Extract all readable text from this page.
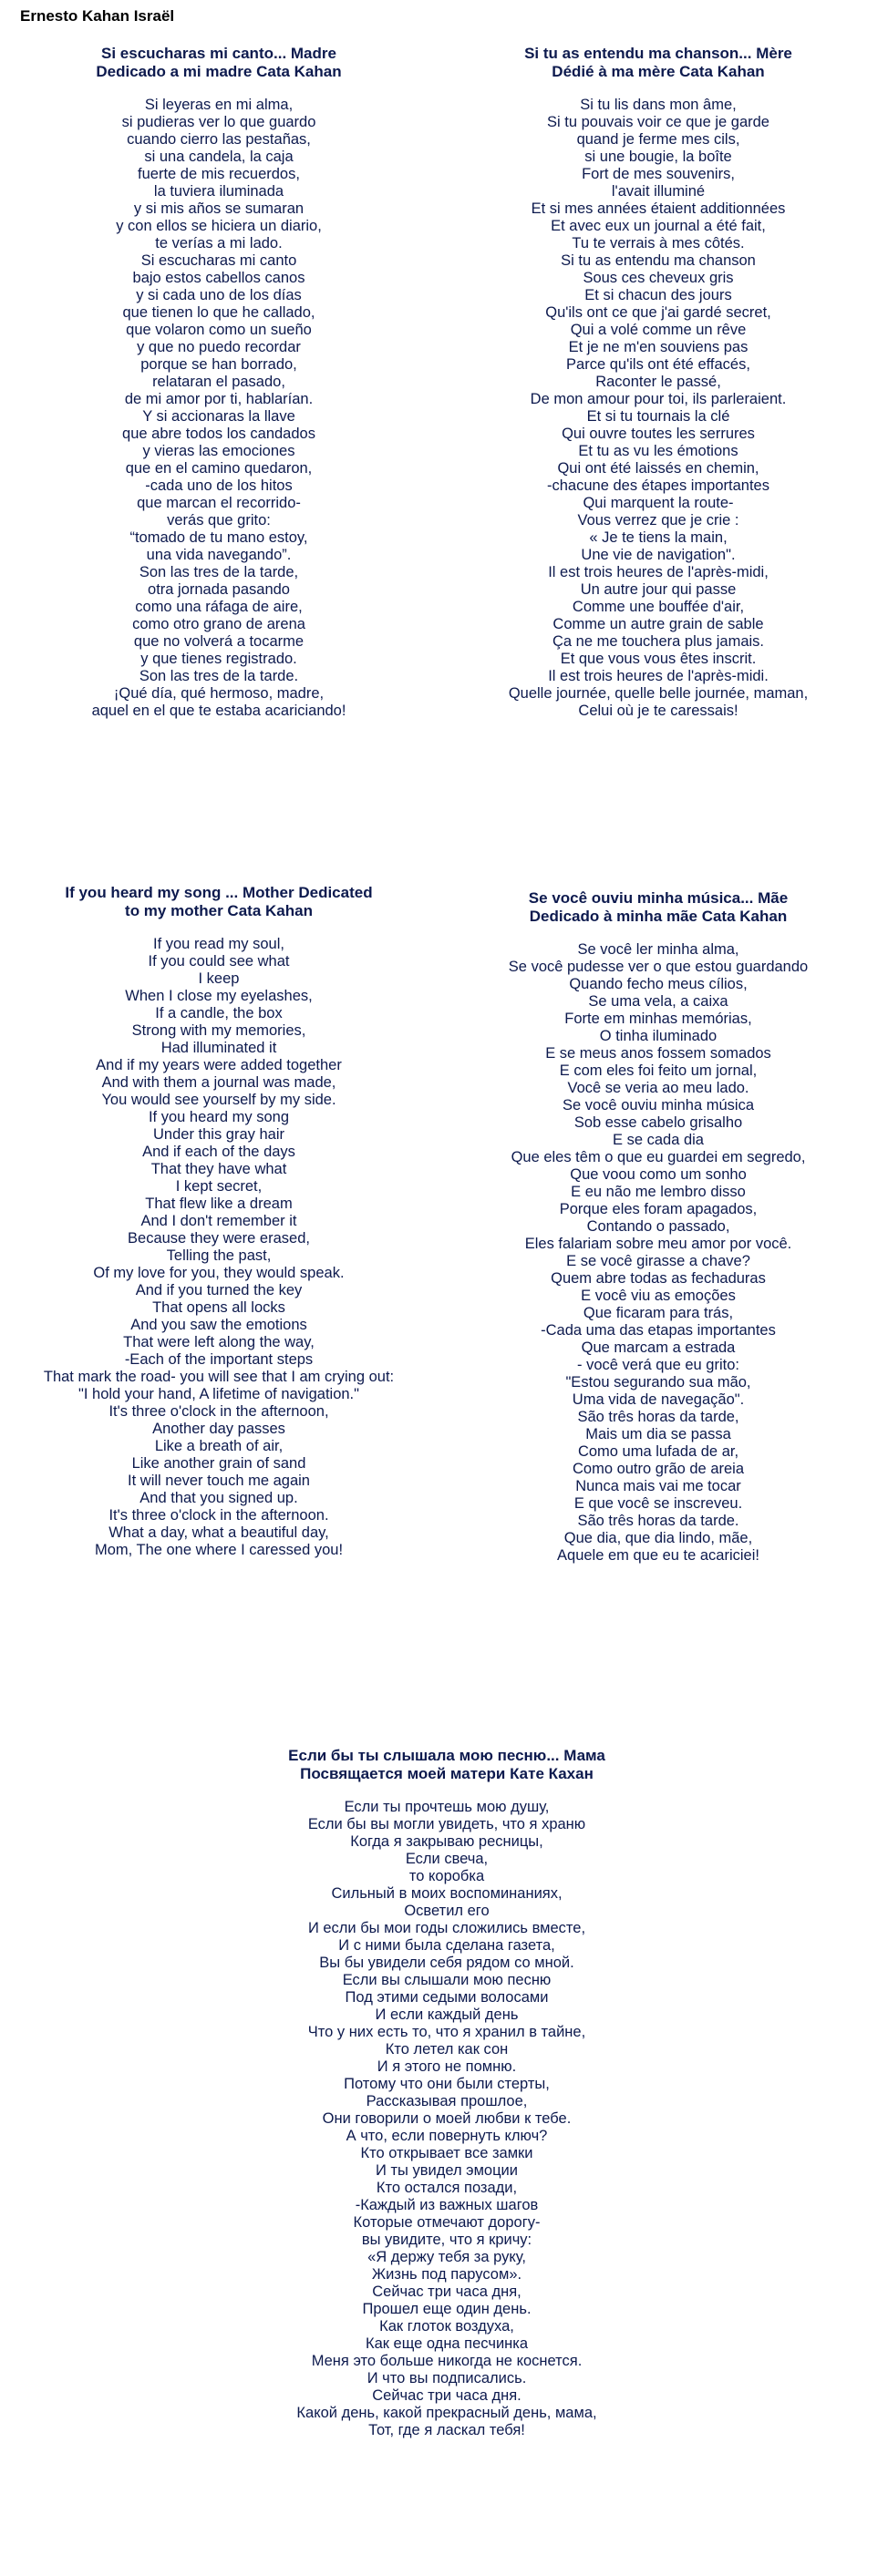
Ernesto Kahan Israël
Si escucharas mi canto... Madre
Dedicado a mi madre Cata Kahan
Si leyeras en mi alma,
si pudieras ver lo que guardo
cuando cierro las pestañas,
si una candela, la caja
fuerte de mis recuerdos,
la tuviera iluminada
y si mis años se sumaran
y con ellos se hiciera un diario,
te verías a mi lado.
Si escucharas mi canto
bajo estos cabellos canos
y si cada uno de los días
que tienen lo que he callado,
que volaron como un sueño
y que no puedo recordar
porque se han borrado,
relataran el pasado,
de mi amor por ti, hablarían.
Y si accionaras la llave
que abre todos los candados
y vieras las emociones
que en el camino quedaron,
-cada uno de los hitos
que marcan el recorrido-
verás que grito:
“tomado de tu mano estoy,
una vida navegando”.
Son las tres de la tarde,
otra jornada pasando
como una ráfaga de aire,
como otro grano de arena
que no volverá a tocarme
y que tienes registrado.
Son las tres de la tarde.
¡Qué día, qué hermoso, madre,
aquel en el que te estaba acariciando!
Si tu as entendu ma chanson... Mère
Dédié à ma mère Cata Kahan
Si tu lis dans mon âme,
Si tu pouvais voir ce que je garde
quand je ferme mes cils,
si une bougie, la boîte
Fort de mes souvenirs,
l'avait illuminé
Et si mes années étaient additionnées
Et avec eux un journal a été fait,
Tu te verrais à mes côtés.
Si tu as entendu ma chanson
Sous ces cheveux gris
Et si chacun des jours
Qu'ils ont ce que j'ai gardé secret,
Qui a volé comme un rêve
Et je ne m'en souviens pas
Parce qu'ils ont été effacés,
Raconter le passé,
De mon amour pour toi, ils parleraient.
Et si tu tournais la clé
Qui ouvre toutes les serrures
Et tu as vu les émotions
Qui ont été laissés en chemin,
-chacune des étapes importantes
Qui marquent la route-
Vous verrez que je crie :
« Je te tiens la main,
Une vie de navigation".
Il est trois heures de l'après-midi,
Un autre jour qui passe
Comme une bouffée d'air,
Comme un autre grain de sable
Ça ne me touchera plus jamais.
Et que vous vous êtes inscrit.
Il est trois heures de l'après-midi.
Quelle journée, quelle belle journée, maman,
Celui où je te caressais!
If you heard my song ... Mother Dedicated
to my mother Cata Kahan
If you read my soul,
If you could see what
I keep
When I close my eyelashes,
If a candle, the box
Strong with my memories,
Had illuminated it
And if my years were added together
And with them a journal was made,
You would see yourself by my side.
If you heard my song
Under this gray hair
And if each of the days
That they have what
I kept secret,
That flew like a dream
And I don't remember it
Because they were erased,
Telling the past,
Of my love for you, they would speak.
And if you turned the key
That opens all locks
And you saw the emotions
That were left along the way,
-Each of the important steps
That mark the road- you will see that I am crying out:
"I hold your hand, A lifetime of navigation."
It's three o'clock in the afternoon,
Another day passes
Like a breath of air,
Like another grain of sand
It will never touch me again
And that you signed up.
It's three o'clock in the afternoon.
What a day, what a beautiful day,
Mom, The one where I caressed you!
Se você ouviu minha música... Mãe
Dedicado à minha mãe Cata Kahan
Se você ler minha alma,
Se você pudesse ver o que estou guardando
Quando fecho meus cílios,
Se uma vela, a caixa
Forte em minhas memórias,
O tinha iluminado
E se meus anos fossem somados
E com eles foi feito um jornal,
Você se veria ao meu lado.
Se você ouviu minha música
Sob esse cabelo grisalho
E se cada dia
Que eles têm o que eu guardei em segredo,
Que voou como um sonho
E eu não me lembro disso
Porque eles foram apagados,
Contando o passado,
Eles falariam sobre meu amor por você.
E se você girasse a chave?
Quem abre todas as fechaduras
E você viu as emoções
Que ficaram para trás,
-Cada uma das etapas importantes
Que marcam a estrada
- você verá que eu grito:
"Estou segurando sua mão,
Uma vida de navegação".
São três horas da tarde,
Mais um dia se passa
Como uma lufada de ar,
Como outro grão de areia
Nunca mais vai me tocar
E que você se inscreveu.
São três horas da tarde.
Que dia, que dia lindo, mãe,
Aquele em que eu te acariciei!
Если бы ты слышала мою песню... Мама
Посвящается моей матери Кате Кахан
Если ты прочтешь мою душу,
Если бы вы могли увидеть, что я храню
Когда я закрываю ресницы,
Если свеча,
то коробка
Сильный в моих воспоминаниях,
Осветил его
И если бы мои годы сложились вместе,
И с ними была сделана газета,
Вы бы увидели себя рядом со мной.
Если вы слышали мою песню
Под этими седыми волосами
И если каждый день
Что у них есть то, что я хранил в тайне,
Кто летел как сон
И я этого не помню.
Потому что они были стерты,
Рассказывая прошлое,
Они говорили о моей любви к тебе.
А что, если повернуть ключ?
Кто открывает все замки
И ты увидел эмоции
Кто остался позади,
-Каждый из важных шагов
Которые отмечают дорогу-
вы увидите, что я кричу:
«Я держу тебя за руку,
Жизнь под парусом».
Сейчас три часа дня,
Прошел еще один день.
Как глоток воздуха,
Как еще одна песчинка
Меня это больше никогда не коснется.
И что вы подписались.
Сейчас три часа дня.
Какой день, какой прекрасный день, мама,
Тот, где я ласкал тебя!
